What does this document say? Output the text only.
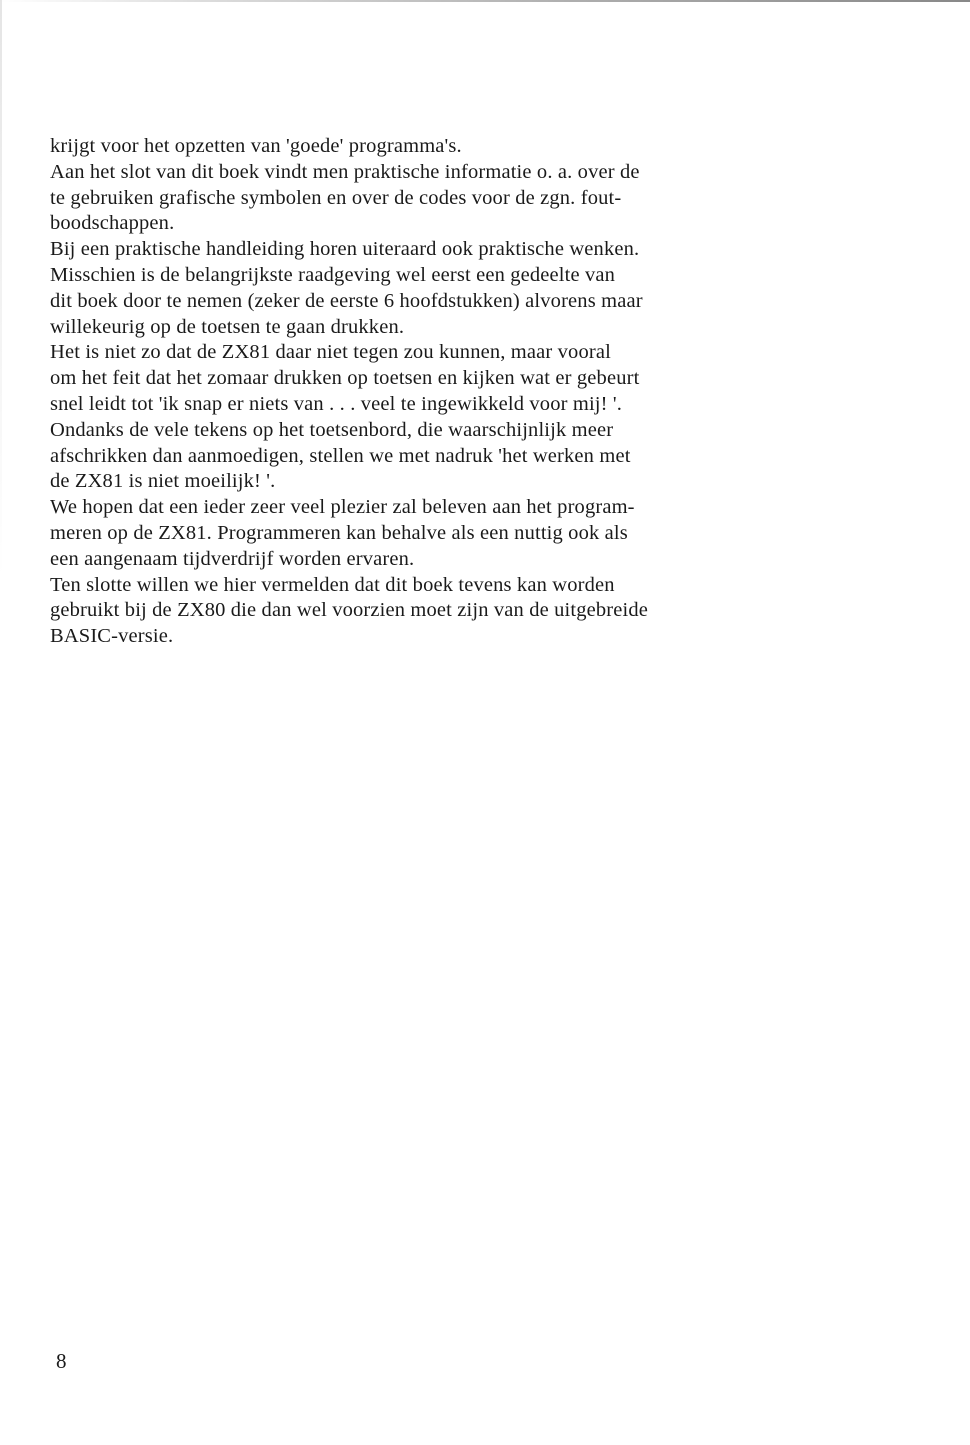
krijgt voor het opzetten van 'goede' programma's.
Aan het slot van dit boek vindt men praktische informatie o. a. over de
te gebruiken grafische symbolen en over de codes voor de zgn. fout-
boodschappen.
Bij een praktische handleiding horen uiteraard ook praktische wenken.
Misschien is de belangrijkste raadgeving wel eerst een gedeelte van
dit boek door te nemen (zeker de eerste 6 hoofdstukken) alvorens maar
willekeurig op de toetsen te gaan drukken.
Het is niet zo dat de ZX81 daar niet tegen zou kunnen, maar vooral
om het feit dat het zomaar drukken op toetsen en kijken wat er gebeurt
snel leidt tot 'ik snap er niets van . . . veel te ingewikkeld voor mij! '.
Ondanks de vele tekens op het toetsenbord, die waarschijnlijk meer
afschrikken dan aanmoedigen, stellen we met nadruk 'het werken met
de ZX81 is niet moeilijk! '.
We hopen dat een ieder zeer veel plezier zal beleven aan het program-
meren op de ZX81. Programmeren kan behalve als een nuttig ook als
een aangenaam tijdverdrijf worden ervaren.
Ten slotte willen we hier vermelden dat dit boek tevens kan worden
gebruikt bij de ZX80 die dan wel voorzien moet zijn van de uitgebreide
BASIC-versie.
8
